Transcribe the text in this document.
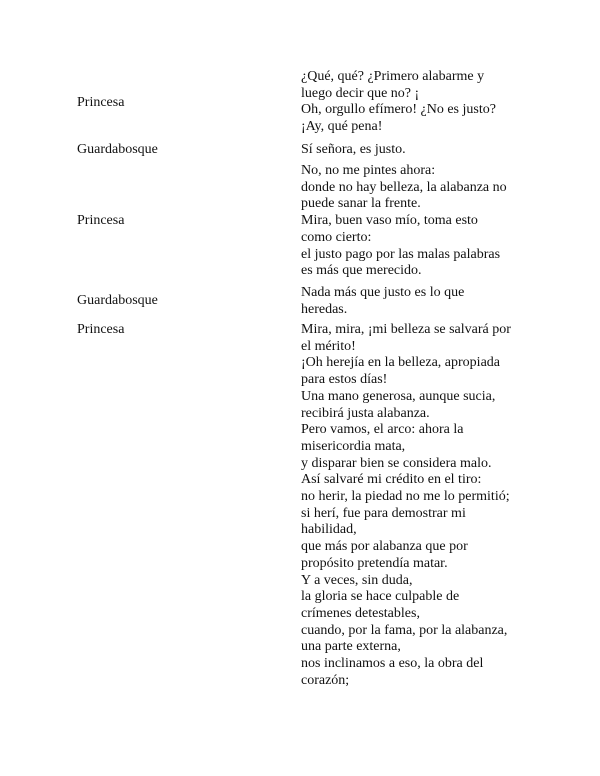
Princesa
¿Qué, qué? ¿Primero alabarme y
luego decir que no? ¡
Oh, orgullo efímero! ¿No es justo?
¡Ay, qué pena!
Guardabosque	Sí señora, es justo.
Princesa
No, no me pintes ahora:
donde no hay belleza, la alabanza no
puede sanar la frente.
Mira, buen vaso mío, toma esto
como cierto:
el justo pago por las malas palabras
es más que merecido.
Guardabosque
Nada más que justo es lo que
heredas.
Princesa	Mira, mira, ¡mi belleza se salvará por
el mérito!
¡Oh herejía en la belleza, apropiada
para estos días!
Una mano generosa, aunque sucia,
recibirá justa alabanza.
Pero vamos, el arco: ahora la
misericordia mata,
y disparar bien se considera malo.
Así salvaré mi crédito en el tiro:
no herir, la piedad no me lo permitió;
si herí, fue para demostrar mi
habilidad,
que más por alabanza que por
propósito pretendía matar.
Y a veces, sin duda,
la gloria se hace culpable de
crímenes detestables,
cuando, por la fama, por la alabanza,
una parte externa,
nos inclinamos a eso, la obra del
corazón;
